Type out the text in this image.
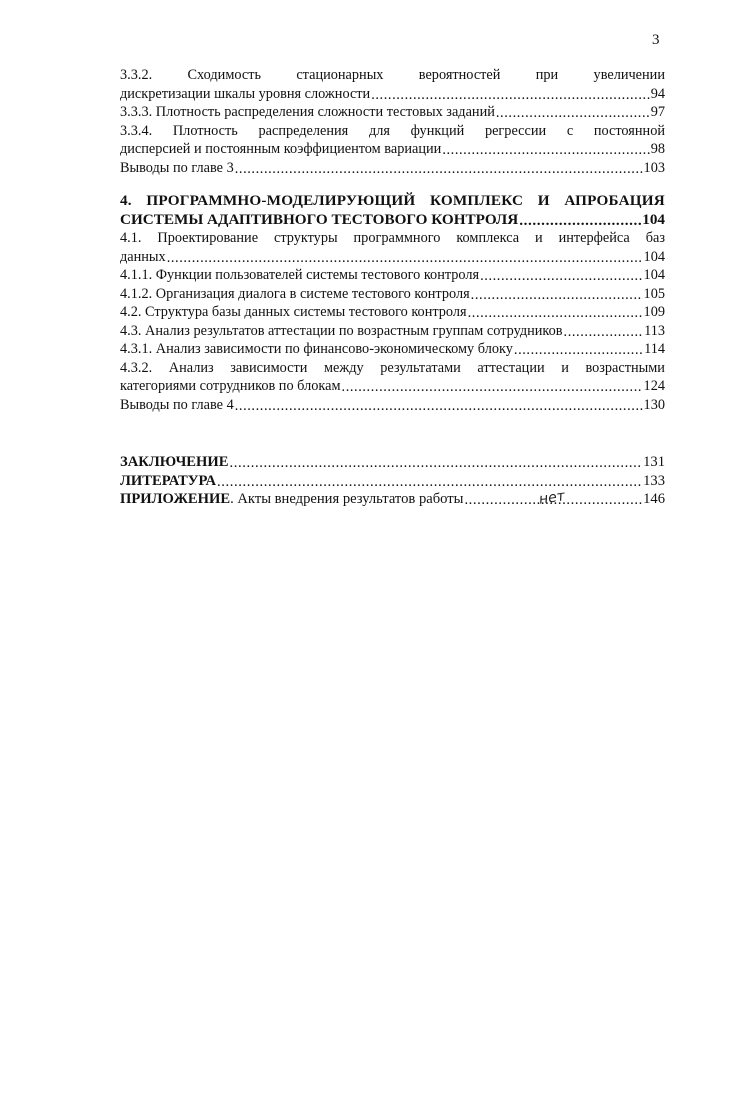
3
3.3.2. Сходимость стационарных вероятностей при увеличении
дискретизации шкалы уровня сложности .....	94
3.3.3. Плотность распределения сложности тестовых заданий .....	97
3.3.4. Плотность распределения для функций регрессии с постоянной
дисперсией и постоянным коэффициентом вариации .....	98
Выводы по главе 3 .....	103
4. ПРОГРАММНО-МОДЕЛИРУЮЩИЙ КОМПЛЕКС И АПРОБАЦИЯ
СИСТЕМЫ АДАПТИВНОГО ТЕСТОВОГО КОНТРОЛЯ .....	104
4.1. Проектирование структуры программного комплекса и интерфейса баз
данных .....	104
4.1.1. Функции пользователей системы тестового контроля .....	104
4.1.2. Организация диалога в системе тестового контроля .....	105
4.2. Структура базы данных системы тестового контроля .....	109
4.3. Анализ результатов аттестации по возрастным группам сотрудников .....	113
4.3.1. Анализ зависимости по финансово-экономическому блоку .....	114
4.3.2. Анализ зависимости между результатами аттестации и возрастными
категориями сотрудников по блокам .....	124
Выводы по главе 4 .....	130
ЗАКЛЮЧЕНИЕ .....	131
ЛИТЕРАТУРА .....	133
ПРИЛОЖЕНИЕ . Акты внедрения результатов работы .....	146
нет
